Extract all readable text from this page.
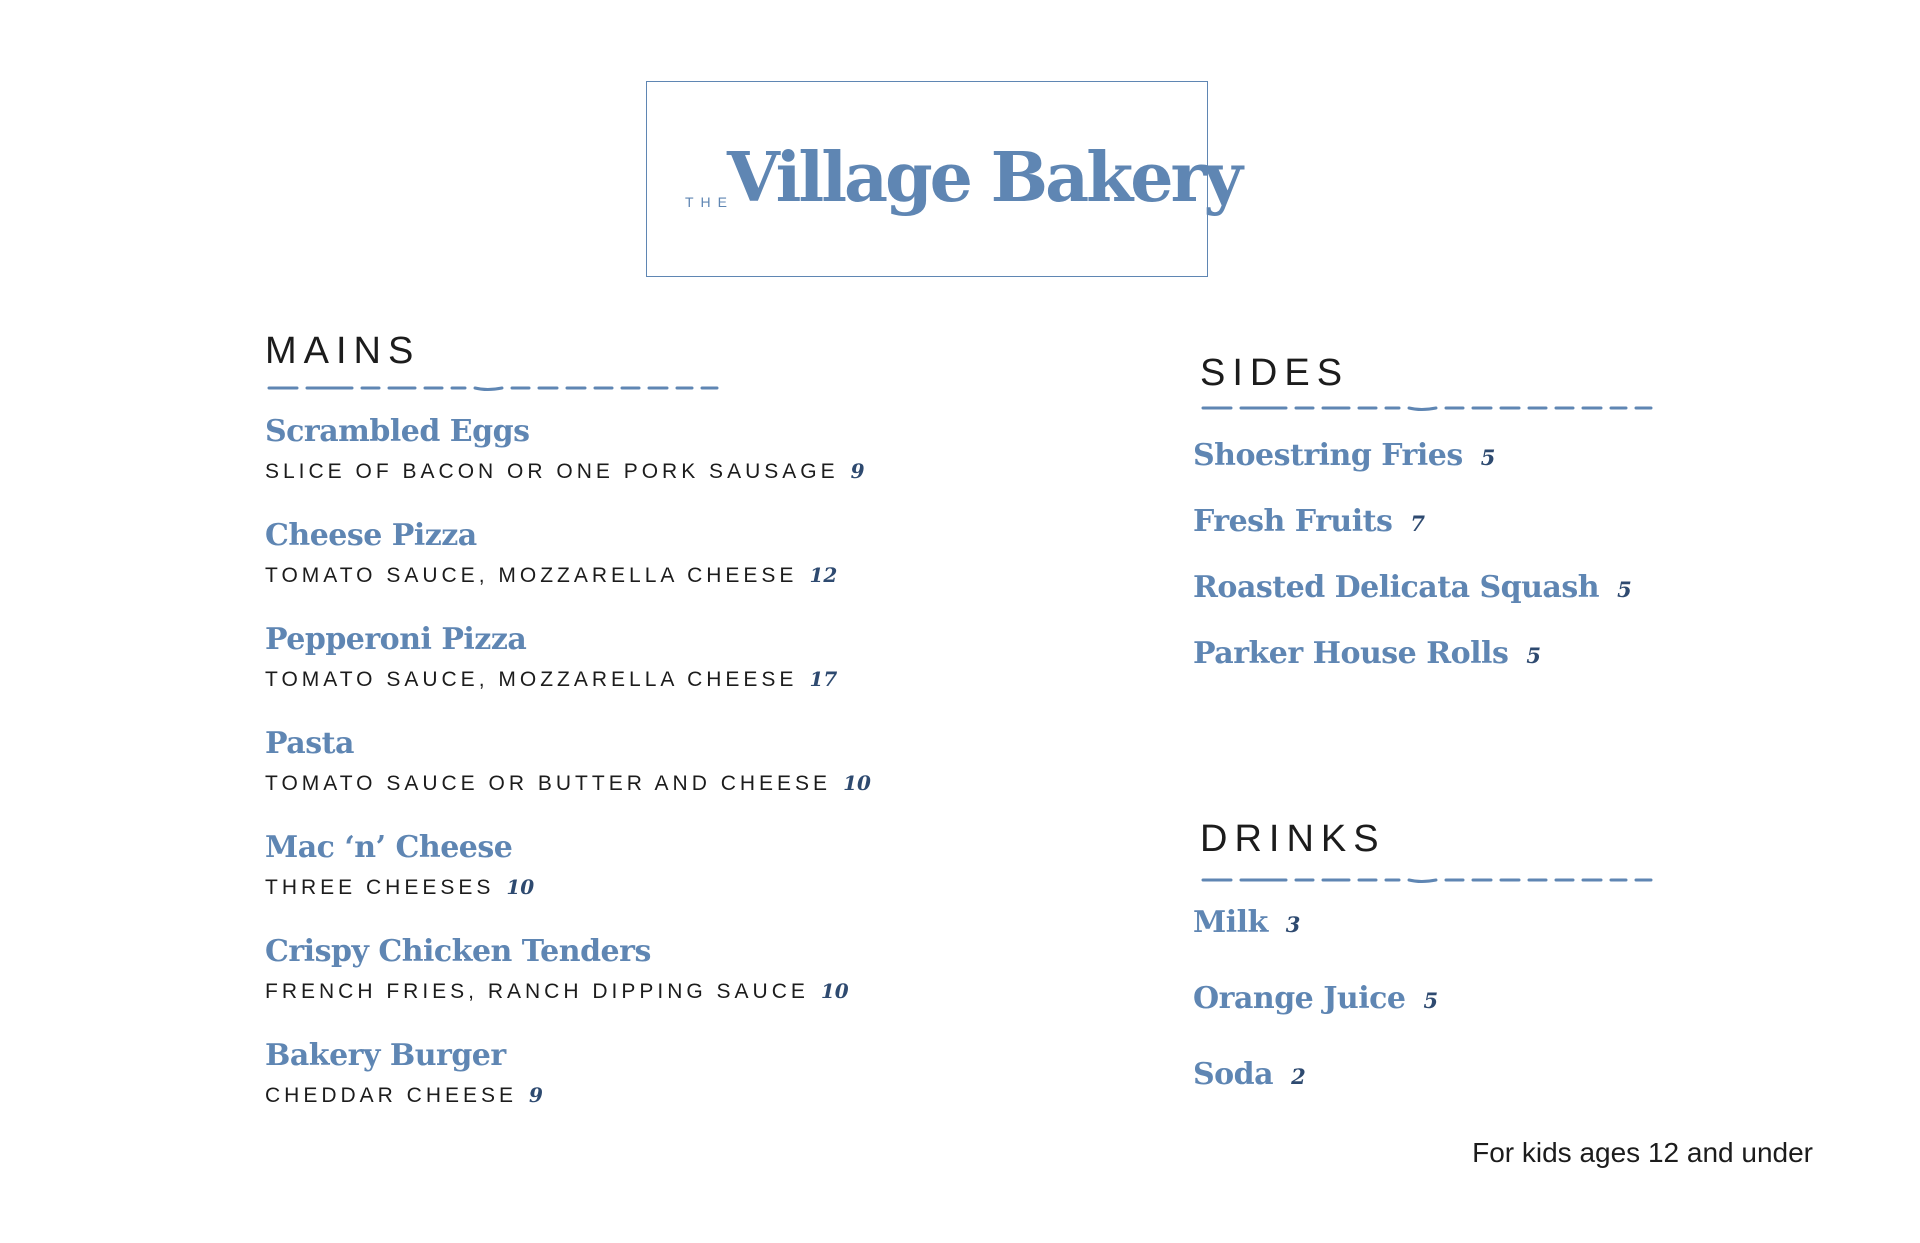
THE
Village Bakery
MAINS
Scrambled Eggs
SLICE OF BACON OR ONE PORK SAUSAGE 9
Cheese Pizza
TOMATO SAUCE, MOZZARELLA CHEESE 12
Pepperoni Pizza
TOMATO SAUCE, MOZZARELLA CHEESE 17
Pasta
TOMATO SAUCE OR BUTTER AND CHEESE 10
Mac ‘n’ Cheese
THREE CHEESES 10
Crispy Chicken Tenders
FRENCH FRIES, RANCH DIPPING SAUCE 10
Bakery Burger
CHEDDAR CHEESE 9
SIDES
Shoestring Fries 5
Fresh Fruits 7
Roasted Delicata Squash 5
Parker House Rolls 5
DRINKS
Milk 3
Orange Juice 5
Soda 2
For kids ages 12 and under
